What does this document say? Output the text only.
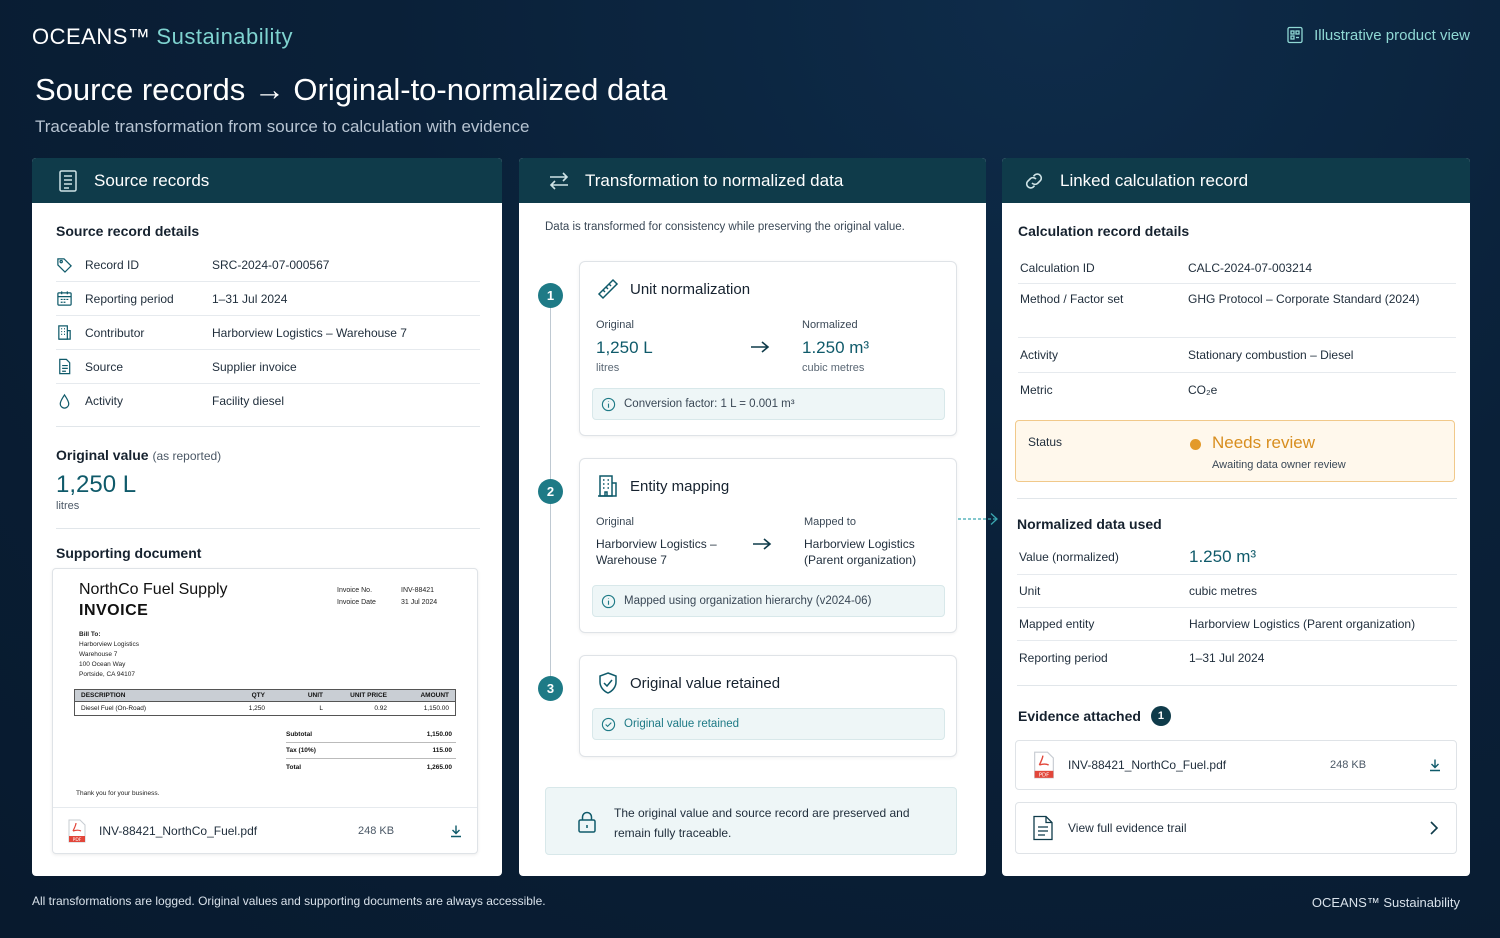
OCEANS™ Sustainability	Illustrative product view
Source records → Original-to-normalized data
Traceable transformation from source to calculation with evidence
Source records
Source record details
Record ID	SRC-2024-07-000567
Reporting period	1–31 Jul 2024
Contributor	Harborview Logistics – Warehouse 7
Source	Supplier invoice
Activity	Facility diesel
Original value (as reported)
1,250 L
litres
Supporting document
NorthCo Fuel Supply
INVOICE
Invoice No.	INV-88421
Invoice Date	31 Jul 2024
Bill To:
Harborview Logistics
Warehouse 7
100 Ocean Way
Portside, CA 94107
DESCRIPTION	QTY	UNIT	UNIT PRICE	AMOUNT
Diesel Fuel (On-Road)	1,250	L	0.92	1,150.00
Subtotal	1,150.00
Tax (10%)	115.00
Total	1,265.00
Thank you for your business.
PDF
INV-88421_NorthCo_Fuel.pdf	248 KB
Transformation to normalized data
Data is transformed for consistency while preserving the original value.
1	Unit normalization
Original
1,250 L
litres
Normalized
1.250 m³
cubic metres
Conversion factor: 1 L = 0.001 m³
2	Entity mapping
Original
Harborview Logistics – Warehouse 7
Mapped to
Harborview Logistics (Parent organization)
Mapped using organization hierarchy (v2024-06)
3	Original value retained
Original value retained
The original value and source record are preserved and remain fully traceable.
Linked calculation record
Calculation record details
Calculation ID	CALC-2024-07-003214
Method / Factor set	GHG Protocol – Corporate Standard (2024)
Activity	Stationary combustion – Diesel
Metric	CO₂e
Status	Needs review
Awaiting data owner review
Normalized data used
Value (normalized)	1.250 m³
Unit	cubic metres
Mapped entity	Harborview Logistics (Parent organization)
Reporting period	1–31 Jul 2024
Evidence attached	1
PDF
INV-88421_NorthCo_Fuel.pdf	248 KB
View full evidence trail
All transformations are logged. Original values and supporting documents are always accessible.	OCEANS™ Sustainability
